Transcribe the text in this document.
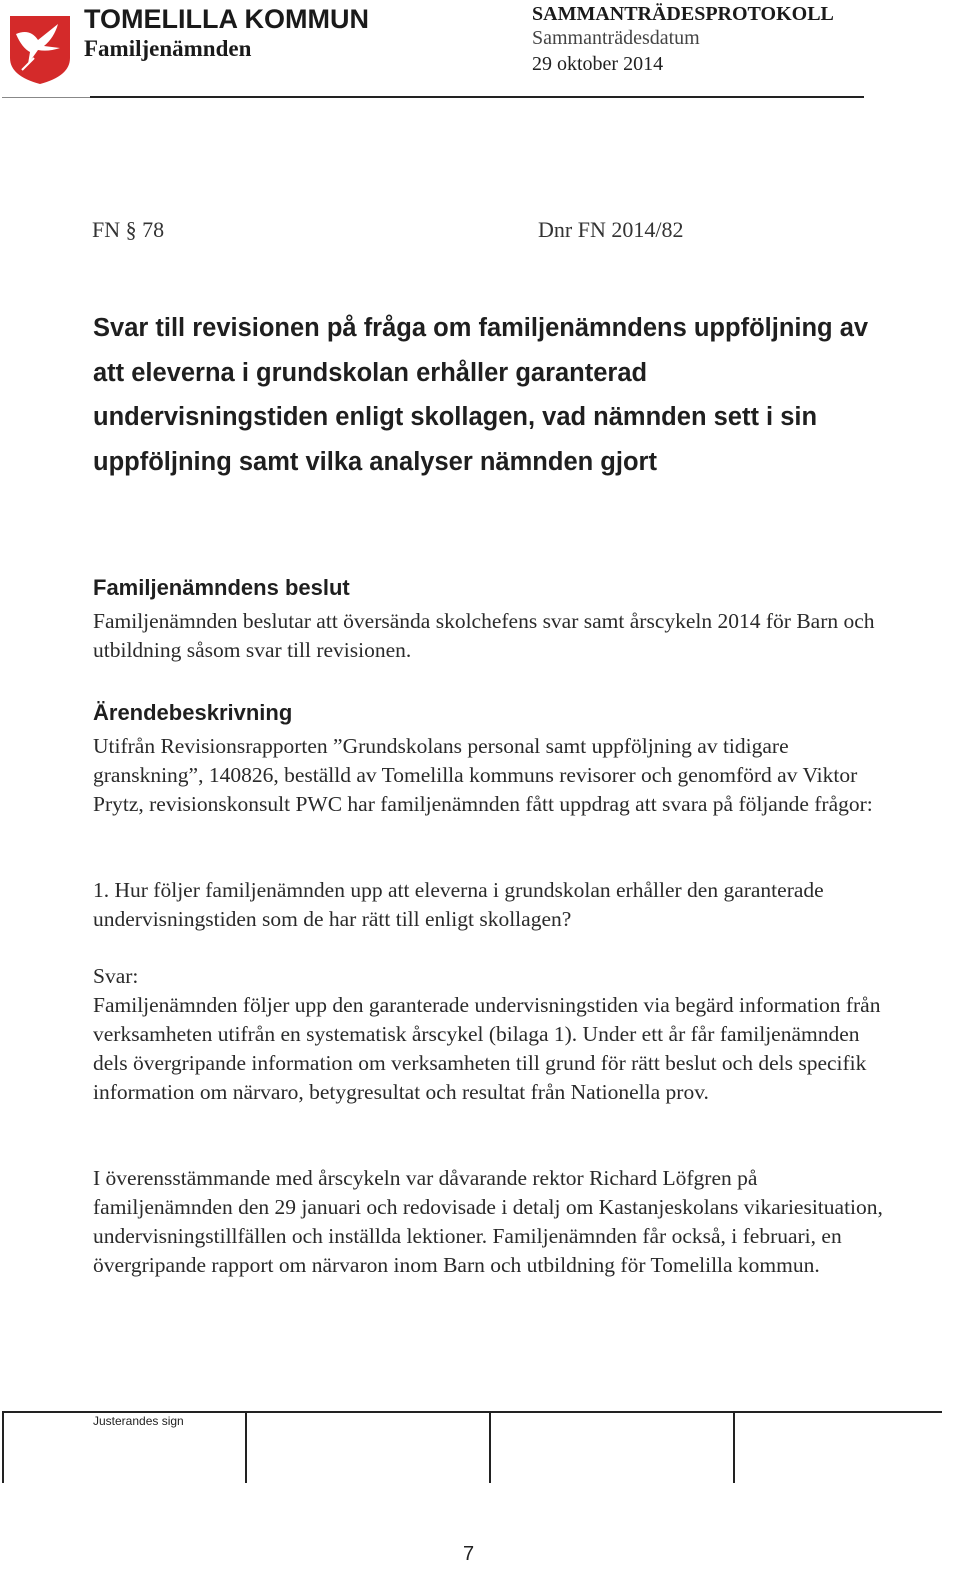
TOMELILLA KOMMUN
Familjenämnden
SAMMANTRÄDESPROTOKOLL
Sammanträdesdatum
29 oktober 2014
FN § 78	Dnr FN 2014/82
Svar till revisionen på fråga om familjenämndens uppföljning av att eleverna i grundskolan erhåller garanterad undervisningstiden enligt skollagen, vad nämnden sett i sin uppföljning samt vilka analyser nämnden gjort
Familjenämndens beslut

Familjenämnden beslutar att översända skolchefens svar samt årscykeln 2014 för Barn och utbildning såsom svar till revisionen.

Ärendebeskrivning

Utifrån Revisionsrapporten ”Grundskolans personal samt uppföljning av tidigare granskning”, 140826, beställd av Tomelilla kommuns revisorer och genomförd av Viktor Prytz, revisionskonsult PWC har familjenämnden fått uppdrag att svara på följande frågor:

1. Hur följer familjenämnden upp att eleverna i grundskolan erhåller den garanterade undervisningstiden som de har rätt till enligt skollagen?

Svar:

Familjenämnden följer upp den garanterade undervisningstiden via begärd information från verksamheten utifrån en systematisk årscykel (bilaga 1). Under ett år får familjenämnden dels övergripande information om verksamheten till grund för rätt beslut och dels specifik information om närvaro, betygresultat och resultat från Nationella prov.

I överensstämmande med årscykeln var dåvarande rektor Richard Löfgren på familjenämnden den 29 januari och redovisade i detalj om Kastanjeskolans vikariesituation, undervisningstillfällen och inställda lektioner. Familjenämnden får också, i februari, en övergripande rapport om närvaron inom Barn och utbildning för Tomelilla kommun.

Justerandes sign
7
